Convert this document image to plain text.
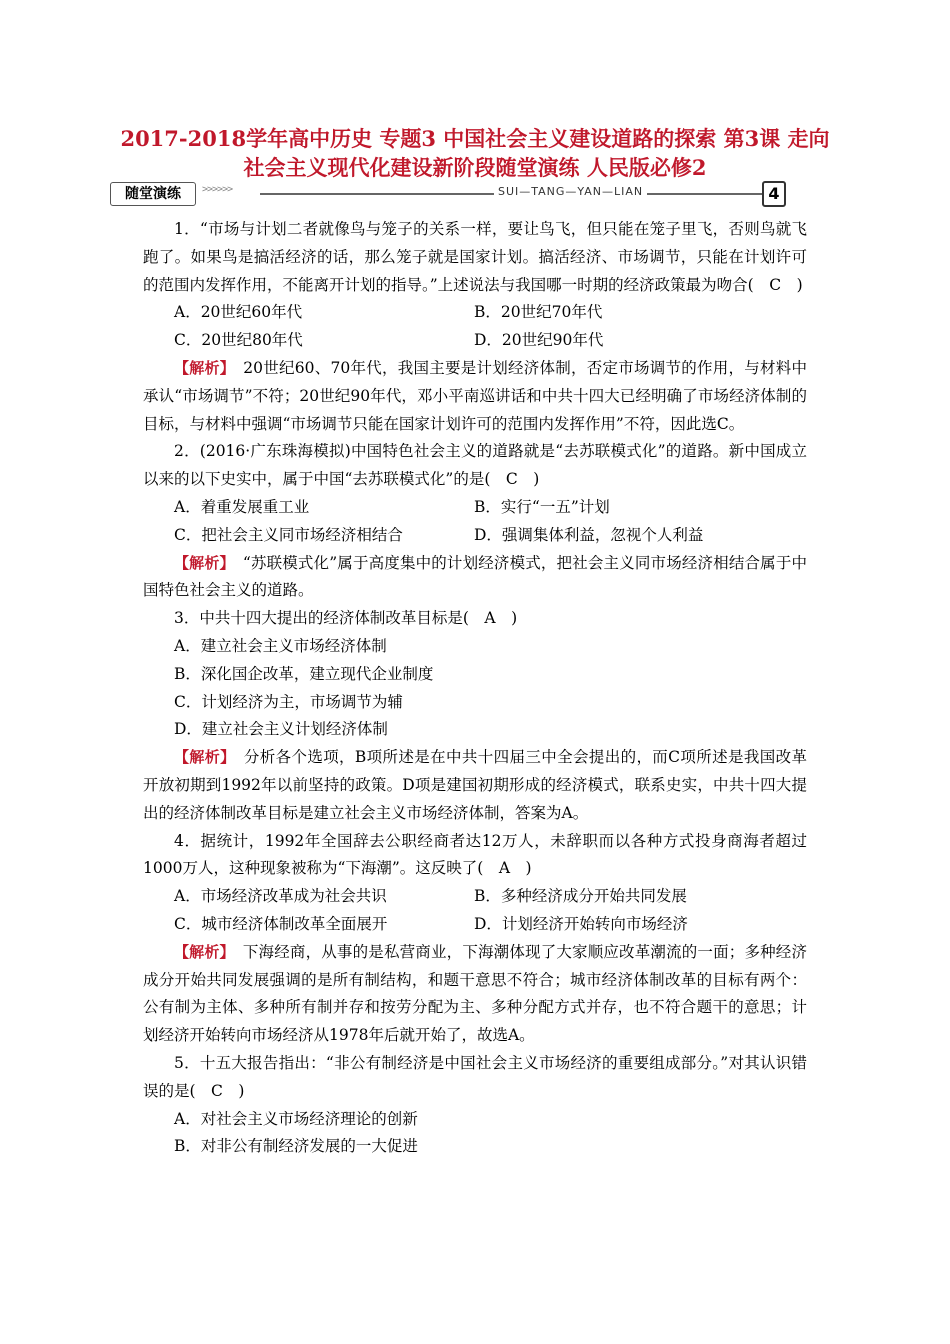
2017-2018学年高中历史 专题3 中国社会主义建设道路的探索 第3课 走向社会主义现代化建设新阶段随堂演练 人民版必修2
随堂演练	>>>>>>	SUI—TANG—YAN—LIAN	4

1．“市场与计划二者就像鸟与笼子的关系一样，要让鸟飞，但只能在笼子里飞，否则鸟就飞跑了。如果鸟是搞活经济的话，那么笼子就是国家计划。搞活经济、市场调节，只能在计划许可的范围内发挥作用，不能离开计划的指导。”上述说法与我国哪一时期的经济政策最为吻合(　C　)

A．20世纪60年代	B．20世纪70年代
C．20世纪80年代	D．20世纪90年代

【解析】　20世纪60、70年代，我国主要是计划经济体制，否定市场调节的作用，与材料中承认“市场调节”不符；20世纪90年代，邓小平南巡讲话和中共十四大已经明确了市场经济体制的目标，与材料中强调“市场调节只能在国家计划许可的范围内发挥作用”不符，因此选C。

2．(2016·广东珠海模拟)中国特色社会主义的道路就是“去苏联模式化”的道路。新中国成立以来的以下史实中，属于中国“去苏联模式化”的是(　C　)

A．着重发展重工业	B．实行“一五”计划
C．把社会主义同市场经济相结合	D．强调集体利益，忽视个人利益

【解析】　“苏联模式化”属于高度集中的计划经济模式，把社会主义同市场经济相结合属于中国特色社会主义的道路。

3．中共十四大提出的经济体制改革目标是(　A　)

A．建立社会主义市场经济体制

B．深化国企改革，建立现代企业制度

C．计划经济为主，市场调节为辅

D．建立社会主义计划经济体制

【解析】　分析各个选项，B项所述是在中共十四届三中全会提出的，而C项所述是我国改革开放初期到1992年以前坚持的政策。D项是建国初期形成的经济模式，联系史实，中共十四大提出的经济体制改革目标是建立社会主义市场经济体制，答案为A。

4．据统计，1992年全国辞去公职经商者达12万人，未辞职而以各种方式投身商海者超过1000万人，这种现象被称为“下海潮”。这反映了(　A　)

A．市场经济改革成为社会共识	B．多种经济成分开始共同发展
C．城市经济体制改革全面展开	D．计划经济开始转向市场经济

【解析】　下海经商，从事的是私营商业，下海潮体现了大家顺应改革潮流的一面；多种经济成分开始共同发展强调的是所有制结构，和题干意思不符合；城市经济体制改革的目标有两个：公有制为主体、多种所有制并存和按劳分配为主、多种分配方式并存，也不符合题干的意思；计划经济开始转向市场经济从1978年后就开始了，故选A。

5．十五大报告指出：“非公有制经济是中国社会主义市场经济的重要组成部分。”对其认识错误的是(　C　)

A．对社会主义市场经济理论的创新

B．对非公有制经济发展的一大促进
